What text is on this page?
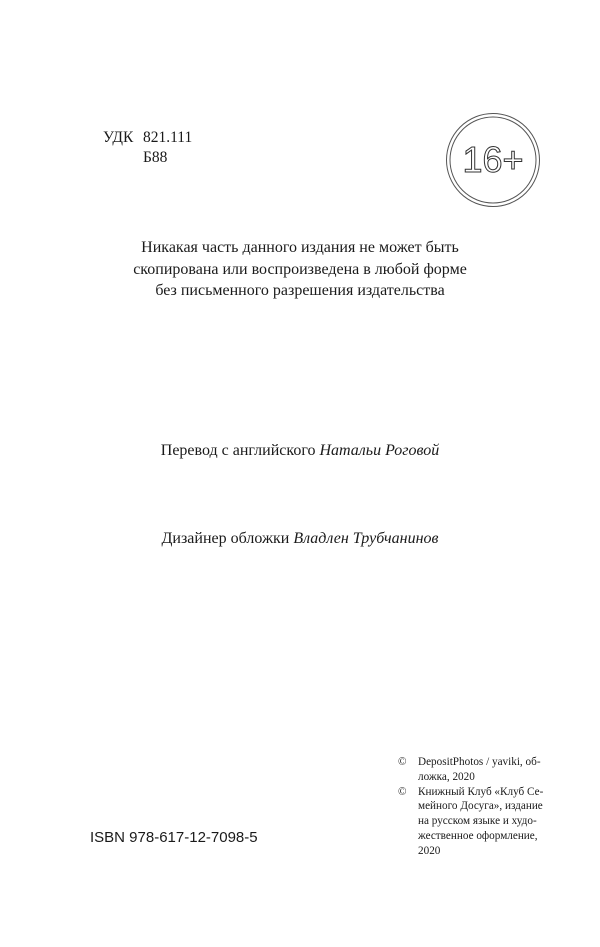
УДК 821.111
Б88	16+
Никакая часть данного издания не может быть
скопирована или воспроизведена в любой форме
без письменного разрешения издательства
Перевод с английского Натальи Роговой
Дизайнер обложки Владлен Трубчанинов
©	DepositPhotos / yaviki, об-
ложка, 2020
©	Книжный Клуб «Клуб Се-
мейного Досуга», издание
на русском языке и худо-
жественное оформление,
2020
ISBN 978-617-12-7098-5
